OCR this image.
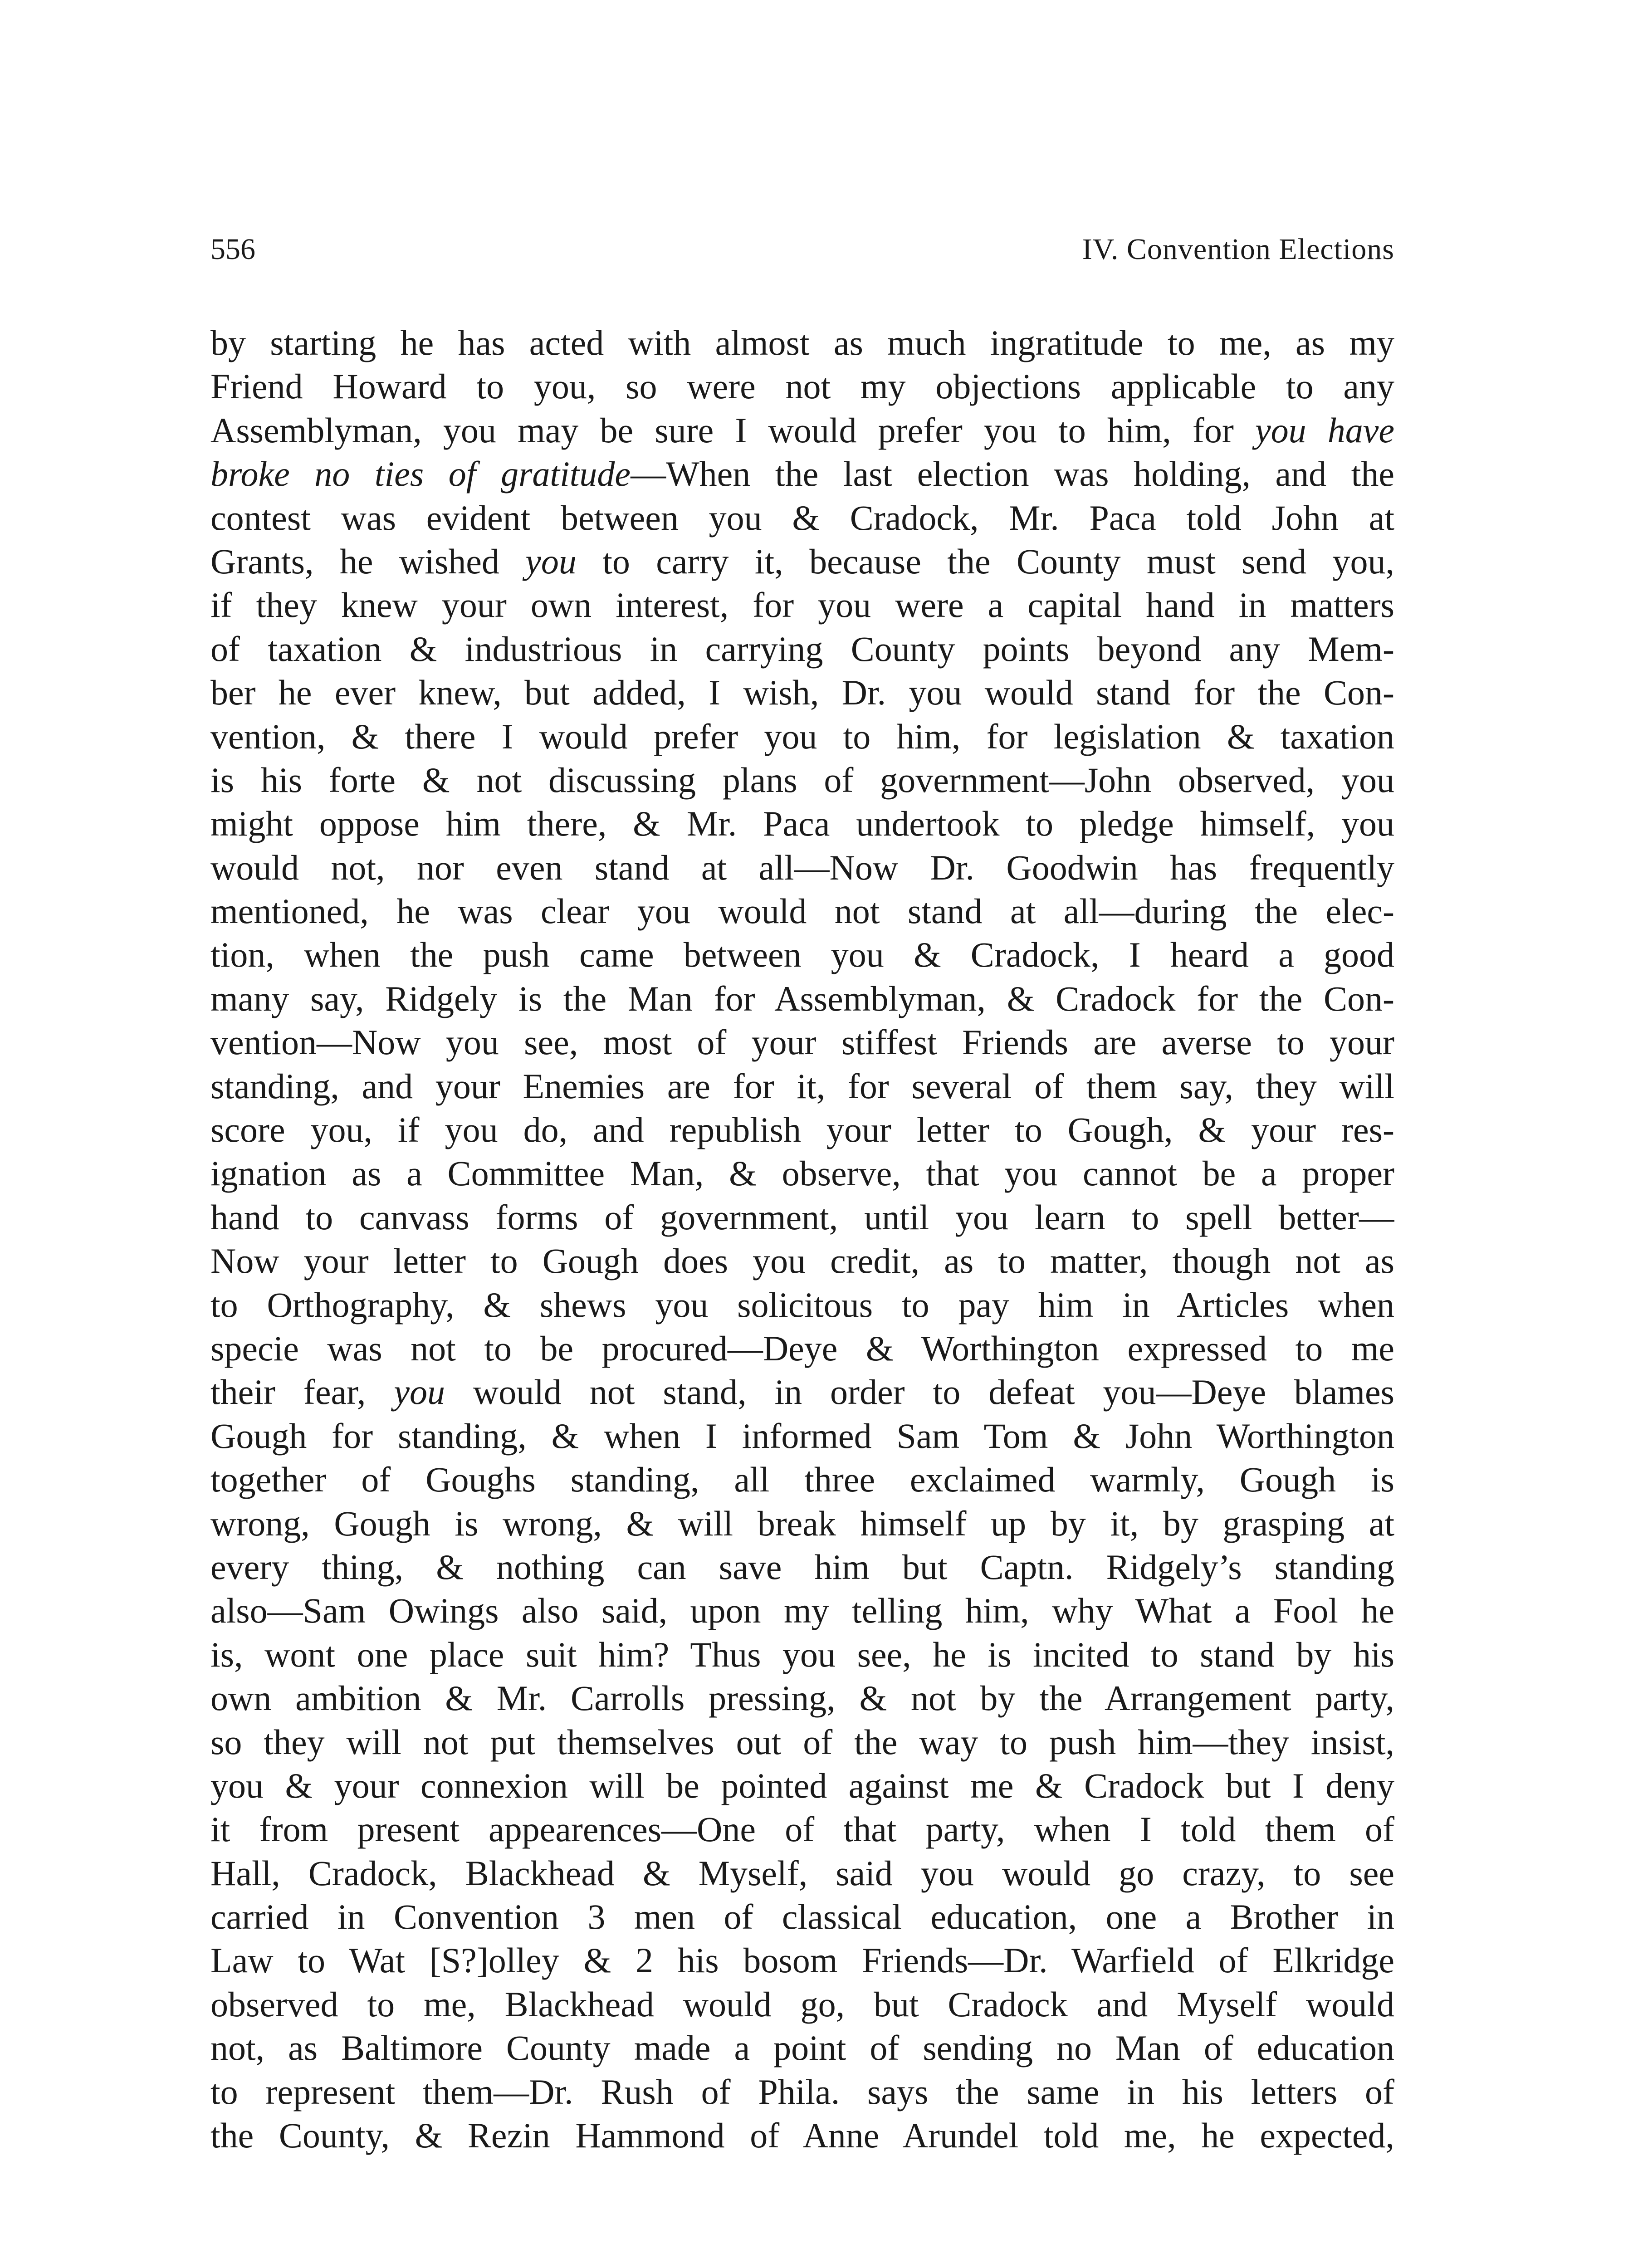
556	IV. Convention Elections
by starting he has acted with almost as much ingratitude to me, as my
Friend Howard to you, so were not my objections applicable to any
Assemblyman, you may be sure I would prefer you to him, for you have
broke no ties of gratitude—When the last election was holding, and the
contest was evident between you & Cradock, Mr. Paca told John at
Grants, he wished you to carry it, because the County must send you,
if they knew your own interest, for you were a capital hand in matters
of taxation & industrious in carrying County points beyond any Mem-
ber he ever knew, but added, I wish, Dr. you would stand for the Con-
vention, & there I would prefer you to him, for legislation & taxation
is his forte & not discussing plans of government—John observed, you
might oppose him there, & Mr. Paca undertook to pledge himself, you
would not, nor even stand at all—Now Dr. Goodwin has frequently
mentioned, he was clear you would not stand at all—during the elec-
tion, when the push came between you & Cradock, I heard a good
many say, Ridgely is the Man for Assemblyman, & Cradock for the Con-
vention—Now you see, most of your stiffest Friends are averse to your
standing, and your Enemies are for it, for several of them say, they will
score you, if you do, and republish your letter to Gough, & your res-
ignation as a Committee Man, & observe, that you cannot be a proper
hand to canvass forms of government, until you learn to spell better—
Now your letter to Gough does you credit, as to matter, though not as
to Orthography, & shews you solicitous to pay him in Articles when
specie was not to be procured—Deye & Worthington expressed to me
their fear, you would not stand, in order to defeat you—Deye blames
Gough for standing, & when I informed Sam Tom & John Worthington
together of Goughs standing, all three exclaimed warmly, Gough is
wrong, Gough is wrong, & will break himself up by it, by grasping at
every thing, & nothing can save him but Captn. Ridgely’s standing
also—Sam Owings also said, upon my telling him, why What a Fool he
is, wont one place suit him? Thus you see, he is incited to stand by his
own ambition & Mr. Carrolls pressing, & not by the Arrangement party,
so they will not put themselves out of the way to push him—they insist,
you & your connexion will be pointed against me & Cradock but I deny
it from present appearences—One of that party, when I told them of
Hall, Cradock, Blackhead & Myself, said you would go crazy, to see
carried in Convention 3 men of classical education, one a Brother in
Law to Wat [S?]olley & 2 his bosom Friends—Dr. Warfield of Elkridge
observed to me, Blackhead would go, but Cradock and Myself would
not, as Baltimore County made a point of sending no Man of education
to represent them—Dr. Rush of Phila. says the same in his letters of
the County, & Rezin Hammond of Anne Arundel told me, he expected,
